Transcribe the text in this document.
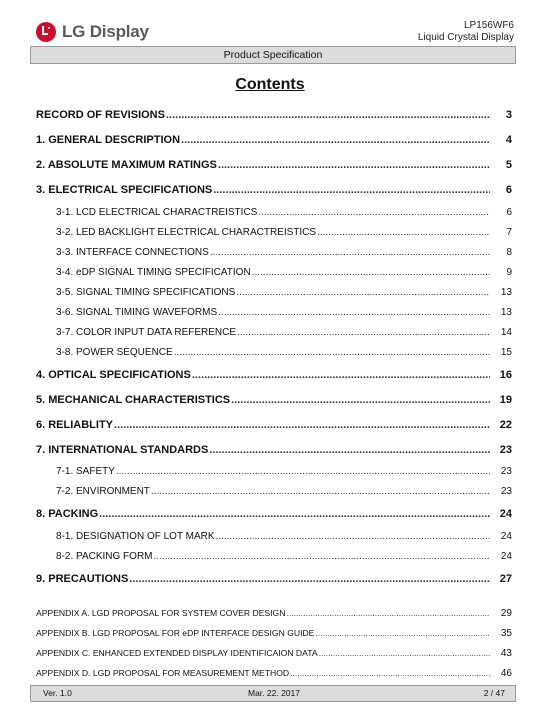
LG Display	LP156WF6
Liquid Crystal Display
Product Specification
Contents
RECORD OF REVISIONS .....	3
1. GENERAL DESCRIPTION .....	4
2. ABSOLUTE MAXIMUM RATINGS .....	5
3. ELECTRICAL SPECIFICATIONS .....	6
3-1. LCD ELECTRICAL CHARACTREISTICS .....	6
3-2. LED BACKLIGHT ELECTRICAL CHARACTREISTICS .....	7
3-3. INTERFACE CONNECTIONS .....	8
3-4. eDP SIGNAL TIMING SPECIFICATION .....	9
3-5. SIGNAL TIMING SPECIFICATIONS .....	13
3-6. SIGNAL TIMING WAVEFORMS .....	13
3-7. COLOR INPUT DATA REFERENCE .....	14
3-8. POWER SEQUENCE .....	15
4. OPTICAL SPECIFICATIONS .....	16
5. MECHANICAL CHARACTERISTICS .....	19
6. RELIABLITY .....	22
7. INTERNATIONAL STANDARDS .....	23
7-1. SAFETY .....	23
7-2. ENVIRONMENT .....	23
8. PACKING .....	24
8-1. DESIGNATION OF LOT MARK .....	24
8-2. PACKING FORM .....	24
9. PRECAUTIONS .....	27
APPENDIX A. LGD PROPOSAL FOR SYSTEM COVER DESIGN .....	29
APPENDIX B. LGD PROPOSAL FOR eDP INTERFACE DESIGN GUIDE .....	35
APPENDIX C. ENHANCED EXTENDED DISPLAY IDENTIFICAION DATA .....	43
APPENDIX D. LGD PROPOSAL FOR MEASUREMENT METHOD .....	46
Ver. 1.0	Mar. 22. 2017	2 / 47
